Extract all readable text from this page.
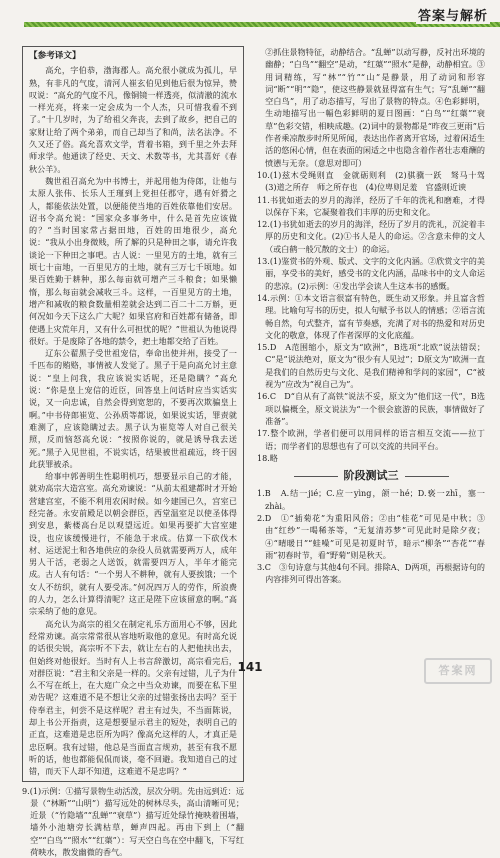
答案与解析
【参考译文】

高允，字伯恭，渤海郡人。高允很小就成为孤儿，早熟，有非凡的气度，清河人崔玄伯见到他后很为惊异，赞叹说：“高允的气度不凡，像铜镜一样透亮，似清澈的流水一样光亮，将来一定会成为一个人杰，只可惜我看不到了。”十几岁时，为了给祖父奔丧，去到了故乡，把自己的家财让给了两个弟弟，而自己却当了和尚，法名法净。不久又还了俗。高允喜欢文学，背着书箱，到千里之外去拜师求学。他通读了经史、天文、术数等书，尤其喜好《春秋公羊》。

魏世祖召高允为中书博士，并起用他为侍郎，让他与太原人张伟、长乐人王瑾到上党担任郡守，遇有奸猾之人，都能依法处置，以便能使当地的百姓依靠他们安居。诏书令高允说：“国家众多事务中，什么是首先应该做的？”当时国家常占据田地，百姓的田地很少，高允说：“我从小出身微贱，所了解的只是种田之事，请允许我谈论一下种田之事吧。古人说：一里见方的土地，就有三顷七十亩地，一百里见方的土地，就有三万七千顷地。如果百姓勤于耕种，那么每亩就可增产三斗粮食；如果懒惰，那么每亩就会减收三斗。这样，一百里见方的土地，增产和减收的粮食数量相差就会达到二百二十二万斛，更何况如今天下这么广大呢？如果官府和百姓都有储备，即使遇上灾荒年月，又有什么可担忧的呢？”世祖认为他说得很好。于是废除了各地的禁令，把土地都交给了百姓。

辽东公翟黑子受世祖宠信，奉命出使并州，接受了一千匹布的贿赂，事情被人发觉了。黑子于是向高允讨主意说：“皇上问我，我应该说实话呢，还是隐瞒？”高允说：“你是皇上宠信的近臣，回答皇上问话时应当实话实说，又一向忠诚，自然会得到宽恕的，不要再次欺骗皇上啊。”中书侍郎崔览、公孙质等都说，如果说实话，罪责就难测了，应该隐瞒过去。黑子认为崔览等人对自己很关照，反而恼怒高允说：“按照你说的，就是诱导我去送死。”黑子入见世祖，不说实话，结果被世祖疏远，终于因此获罪被杀。

给事中郭善明生性聪明机巧，想要显示自己的才能，就劝高宗大造宫室。高允劝谏说：“从前太祖建都时才开始营建宫室，不能不利用农闲时候。如今建国已久，宫室已经完备。永安前殿足以朝会群臣，西堂温室足以使圣体得到安息，紫楼高台足以观望远近。如果再要扩大宫室建设，也应该缓慢进行，不能急于求成。估算一下砍伐木材、运送泥土和各地供应的杂役人员就需要两万人，成年男人干活，老弱之人送饭，就需要四万人，半年才能完成。古人有句话：“一个男人不耕种，就有人要挨饿；一个女人不纺织，就有人要受冻。”何况四万人的劳作，所浪费的人力，怎么计算得清呢？这正是陛下应该留意的啊。”高宗采纳了他的意见。

高允认为高宗的祖父在制定礼乐方面用心不够，因此经常劝谏。高宗常常很从容地听取他的意见。有时高允说的话很尖锐，高宗听不下去，就让左右的人把他扶出去，但始终对他很好。当时有人上书言辞激切，高宗看完后，对群臣说：“君主和父亲是一样的。父亲有过错，儿子为什么不写在纸上，在大庭广众之中当众劝谏，而要在私下里劝告呢？这难道不是不想让父亲的过错张扬出去吗？至于侍奉君主，何尝不是这样呢？君主有过失，不当面陈说，却上书公开指责，这是想要显示君主的短处，表明自己的正直，这难道是忠臣所为吗？像高允这样的人，才真正是忠臣啊。我有过错，他总是当面直言规劝，甚至有我不愿听的话，他也都能侃侃而谈，毫不回避。我知道自己的过错，而天下人却不知道，这难道不是忠吗？”

9.(1)示例：①描写景物生动活泼，层次分明。先由远到近：远景（“林断”“山明”）描写远处的树林尽头，高山清晰可见；近景（“竹隐墙”“乱蝉”“衰草”）描写近处绿竹掩映着围墙，墙外小池塘旁长满枯草，蝉声四起。再由下到上（“翻空”“白鸟”“照水”“红蕖”）：写天空白鸟在空中翻飞，下写红荷映水，散发幽微的香气。

②抓住景物特征，动静结合。“乱蝉”以动写静，反衬出环境的幽静；“白鸟”“翻空”是动，“红蕖”“照水”是静，动静相宜。③用词精练，写“林”“竹”“山”是静景，用了动词和形容词“断”“明”“隐”，使这些静景就显得富有生气；写“乱蝉”“翻空白鸟”，用了动态描写，写出了景物的特点。④色彩鲜明，生动地描写出一幅色彩鲜明的夏日图画：“白鸟”“红蕖”“衰草”色彩交错，相映成趣。(2)词中的景物都是“昨夜三更雨”后作者乘凉散步时所见所闻，表达出作者离开官场，过着闲适生活的悠闲心情，但在表面的闲适之中也隐含着作者壮志难酬的愤懑与无奈。（意思对即可）

10.(1)兹木受绳则直　金就砺则利　(2)骐骥一跃　驽马十驾　(3)道之所存　师之所存也　(4)位卑则足羞　官盛则近谀

11.书犹如逝去的岁月的海洋，经历了千年的洗礼和磨难，才得以保存下来，它凝聚着我们丰厚的历史和文化。

12.(1)书犹如逝去的岁月的海洋，经历了岁月的洗礼，沉淀着丰厚的历史和文化。(2)①书人是人的命运。②含意未伸的文人（或白鹤一般冗散的文士）的命运。

13.(1)鉴赏书的外观、版式、文字的文化内涵。②欣赏文字的美丽，享受书的美好，感受书的文化内涵，品味书中的文人命运的悲凉。(2)示例：④发出学会读人生这本书的感慨。

14.示例：①本文语言很富有特色，既生动又形象。并且富含哲理。比喻句写书的历史，拟人句赋予书以人的情感；②语言流畅自然，句式整齐，富有节奏感，充满了对书的热爱和对历史文化的敬意，体现了作者深厚的文化底蕴。

15.D　A范围缩小，原文为“欧洲”，B选项“北欧”说法错误；C“是”说法绝对，原文为“很少有人见过”；D原文为“欧洲一直是我们的自然历史与文化、是我们精神和学问的家园”，C“被视为”应改为“视自己为”。

16.C　D“自从有了高铁”说法不妥，原文为“他们这一代”，B选项以偏概全，原文说法为“一个很会旅游的民族，事情做好了准备”。

17.整个欧洲，学者们便可以用同样的语言相互交流——拉丁语；而学者们的思想也有了可以交流的共同平台。

18.略

阶段测试三

1.B　A.结一jié；C.应一yìng，颌一hé；D.亵一zhī，塞一zhài。

2.D　①“插菊花”为重阳风俗；②由“桂花”可见是中秋；③由“红纱”一喝稀茶等，“无复清苏梦”可见此时是除夕夜；④“晴暖日”“蛙噪”可见是初夏时节，暗示“柳条”“杏花”“春雨”初春时节，看“野菊”则是秋天。

3.C　③句诗意与其他4句不同。排除A、D两项，再根据诗句的内容排列可得出答案。

141	答案网
